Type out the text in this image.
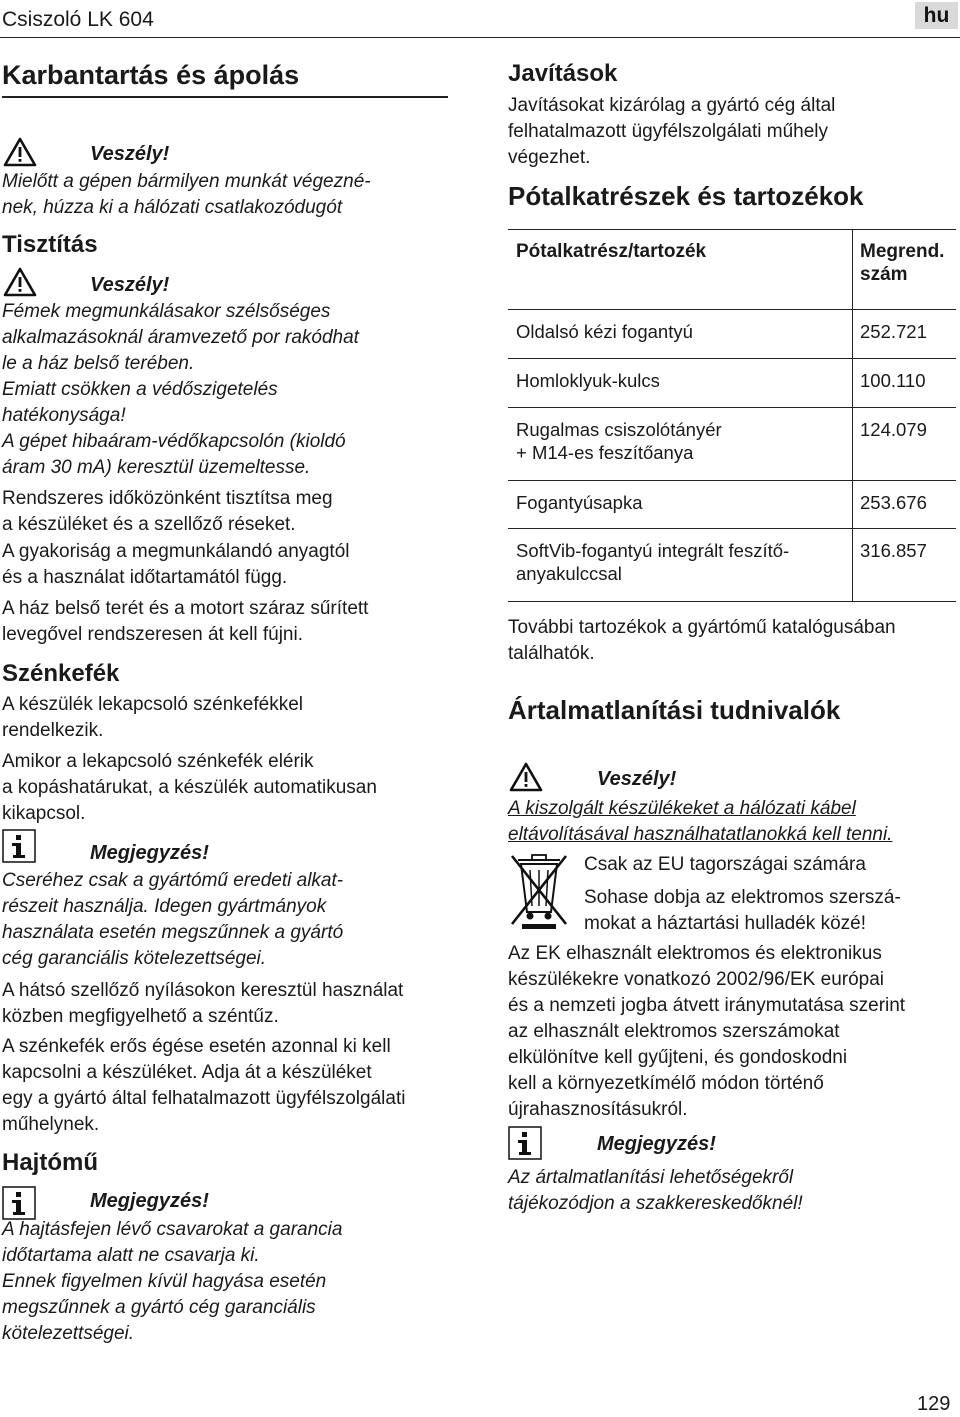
Csiszoló LK 604	hu
Karbantartás és ápolás
Veszély!
Mielőtt a gépen bármilyen munkát végezné-
nek, húzza ki a hálózati csatlakozódugót
Tisztítás
Veszély!
Fémek megmunkálásakor szélsőséges
alkalmazásoknál áramvezető por rakódhat
le a ház belső terében.
Emiatt csökken a védőszigetelés
hatékonysága!
A gépet hibaáram-védőkapcsolón (kioldó
áram 30 mA) keresztül üzemeltesse.
Rendszeres időközönként tisztítsa meg
a készüléket és a szellőző réseket.
A gyakoriság a megmunkálandó anyagtól
és a használat időtartamától függ.
A ház belső terét és a motort száraz sűrített
levegővel rendszeresen át kell fújni.
Szénkefék
A készülék lekapcsoló szénkefékkel
rendelkezik.
Amikor a lekapcsoló szénkefék elérik
a kopáshatárukat, a készülék automatikusan
kikapcsol.
Megjegyzés!
Cseréhez csak a gyártómű eredeti alkat-
részeit használja. Idegen gyártmányok
használata esetén megszűnnek a gyártó
cég garanciális kötelezettségei.
A hátsó szellőző nyílásokon keresztül használat
közben megfigyelhető a széntűz.
A szénkefék erős égése esetén azonnal ki kell
kapcsolni a készüléket. Adja át a készüléket
egy a gyártó által felhatalmazott ügyfélszolgálati
műhelynek.
Hajtómű
Megjegyzés!
A hajtásfejen lévő csavarokat a garancia
időtartama alatt ne csavarja ki.
Ennek figyelmen kívül hagyása esetén
megszűnnek a gyártó cég garanciális
kötelezettségei.
Javítások
Javításokat kizárólag a gyártó cég által
felhatalmazott ügyfélszolgálati műhely
végezhet.
Pótalkatrészek és tartozékok
Pótalkatrész/tartozék	Megrend.
szám

Oldalsó kézi fogantyú	252.721

Homloklyuk-kulcs	100.110

Rugalmas csiszolótányér
+ M14-es feszítőanya	124.079

Fogantyúsapka	253.676

SoftVib-fogantyú integrált feszítő-
anyakulccsal	316.857
További tartozékok a gyártómű katalógusában
találhatók.
Ártalmatlanítási tudnivalók
Veszély!
A kiszolgált készülékeket a hálózati kábel
eltávolításával használhatatlanokká kell tenni.
Csak az EU tagországai számára
Sohase dobja az elektromos szerszá-
mokat a háztartási hulladék közé!
Az EK elhasznált elektromos és elektronikus
készülékekre vonatkozó 2002/96/EK európai
és a nemzeti jogba átvett iránymutatása szerint
az elhasznált elektromos szerszámokat
elkülönítve kell gyűjteni, és gondoskodni
kell a környezetkímélő módon történő
újrahasznosításukról.
Megjegyzés!
Az ártalmatlanítási lehetőségekről
tájékozódjon a szakkereskedőknél!
129
